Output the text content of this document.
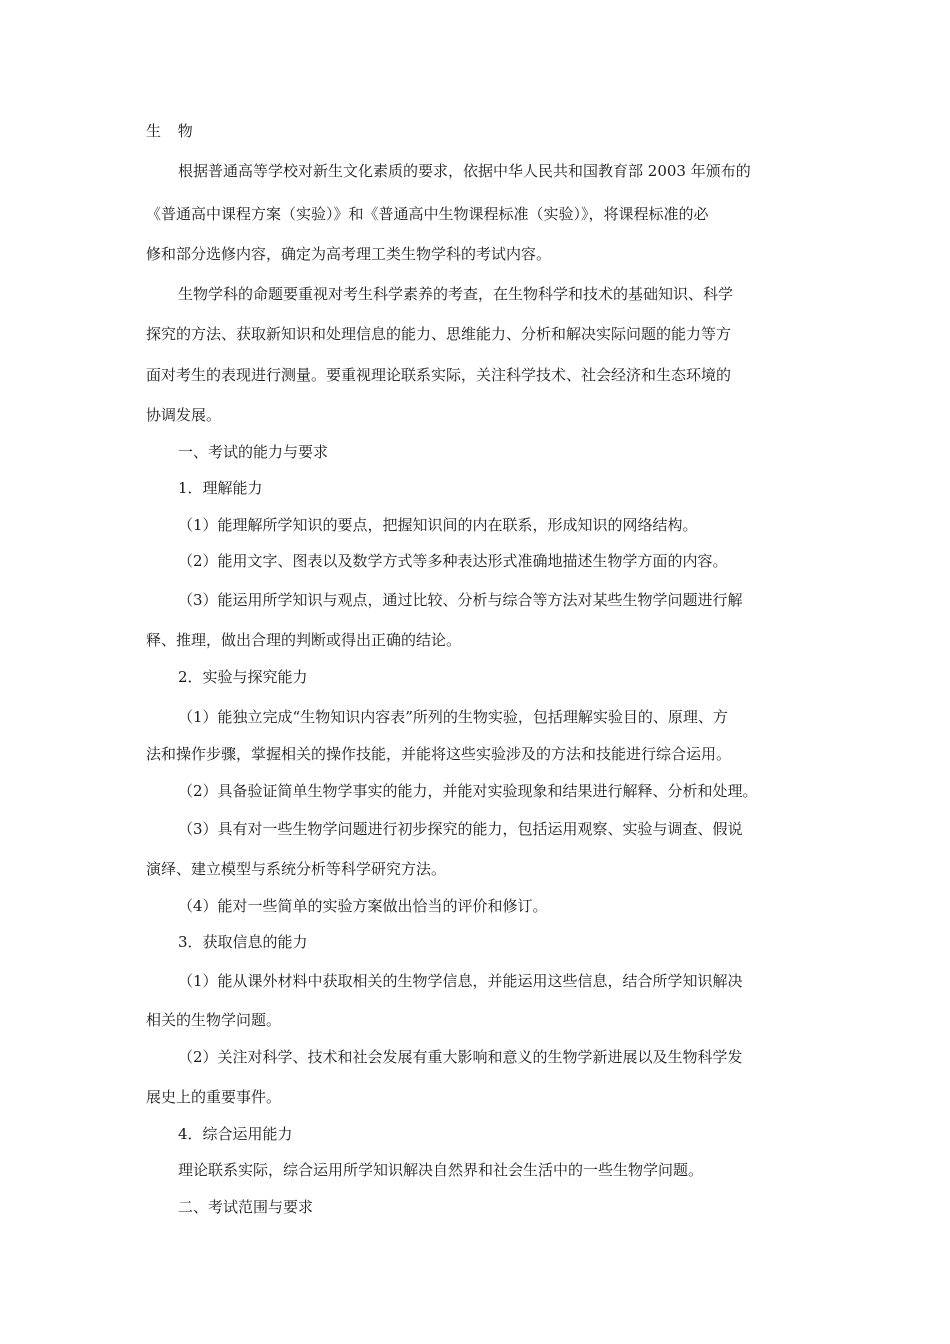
生 物
根据普通高等学校对新生文化素质的要求，依据中华人民共和国教育部 2003 年颁布的
《普通高中课程方案（实验）》和《普通高中生物课程标准（实验）》，将课程标准的必
修和部分选修内容，确定为高考理工类生物学科的考试内容。
生物学科的命题要重视对考生科学素养的考查，在生物科学和技术的基础知识、科学
探究的方法、获取新知识和处理信息的能力、思维能力、分析和解决实际问题的能力等方
面对考生的表现进行测量。要重视理论联系实际，关注科学技术、社会经济和生态环境的
协调发展。
一、考试的能力与要求
1．理解能力
（1）能理解所学知识的要点，把握知识间的内在联系，形成知识的网络结构。
（2）能用文字、图表以及数学方式等多种表达形式准确地描述生物学方面的内容。
（3）能运用所学知识与观点，通过比较、分析与综合等方法对某些生物学问题进行解
释、推理，做出合理的判断或得出正确的结论。
2．实验与探究能力
（1）能独立完成“生物知识内容表”所列的生物实验，包括理解实验目的、原理、方
法和操作步骤，掌握相关的操作技能，并能将这些实验涉及的方法和技能进行综合运用。
（2）具备验证简单生物学事实的能力，并能对实验现象和结果进行解释、分析和处理。
（3）具有对一些生物学问题进行初步探究的能力，包括运用观察、实验与调查、假说
演绎、建立模型与系统分析等科学研究方法。
（4）能对一些简单的实验方案做出恰当的评价和修订。
3．获取信息的能力
（1）能从课外材料中获取相关的生物学信息，并能运用这些信息，结合所学知识解决
相关的生物学问题。
（2）关注对科学、技术和社会发展有重大影响和意义的生物学新进展以及生物科学发
展史上的重要事件。
4．综合运用能力
理论联系实际，综合运用所学知识解决自然界和社会生活中的一些生物学问题。
二、考试范围与要求
